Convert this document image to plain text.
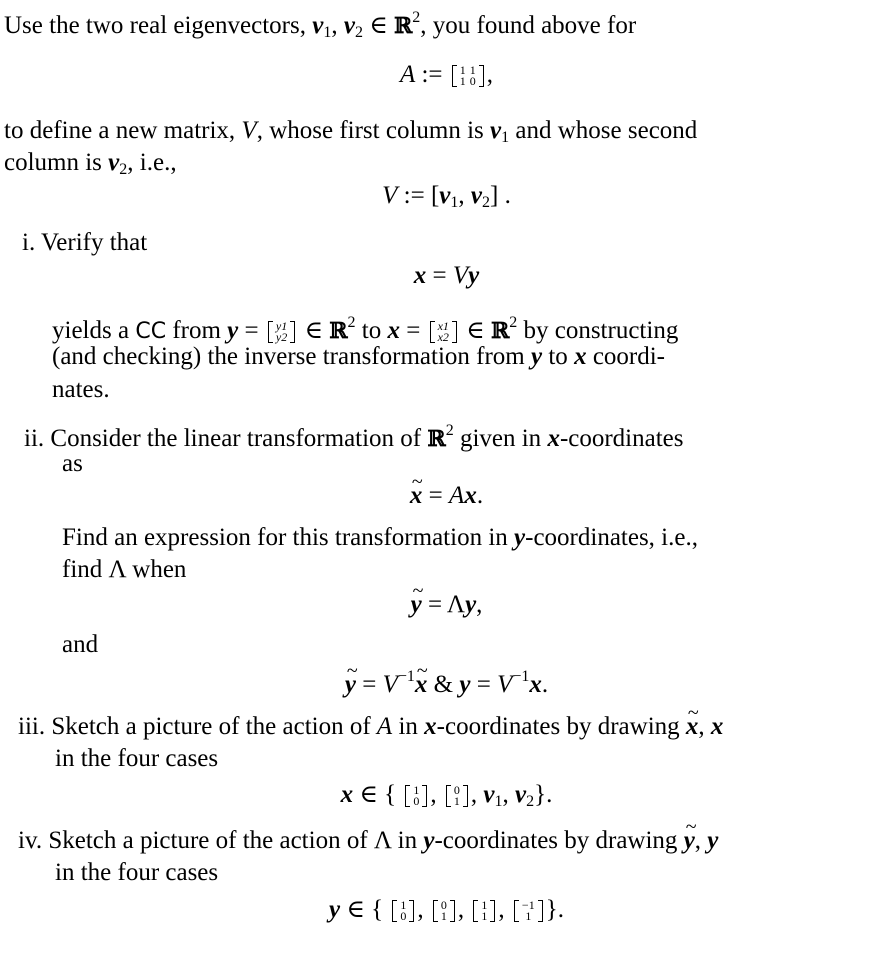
Use the two real eigenvectors, $v_1$, $v_2$ ∈ ℝ$^2$, you found above for
A := 1	1
1	0 ,
to define a new matrix, V, whose first column is $v_1$ and whose second
column is $v_2$, i.e.,
V := [$v_1$, $v_2$] .
i. Verify that
x = Vy
yields a CC from y = y1
y2 ∈ ℝ$^2$ to x = x1
x2 ∈ ℝ$^2$ by constructing
(and checking) the inverse transformation from y to x coordi-
nates.
ii. Consider the linear transformation of ℝ$^2$ given in x-coordinates
as
~ x = Ax.
Find an expression for this transformation in y-coordinates, i.e.,
find Λ when
~ y = Λy,
and
~ $y = V^{-1}\sim$ x & $y = V^{-1}x$.
iii. Sketch a picture of the action of A in x-coordinates by drawing ~ x, x
in the four cases
x ∈ { 1
0 , 0
1 , $v_1$, $v_2$}.
iv. Sketch a picture of the action of Λ in y-coordinates by drawing ~ y, y
in the four cases
y ∈ { 1
0 , 0
1 , 1
1 , −1
1 }.
